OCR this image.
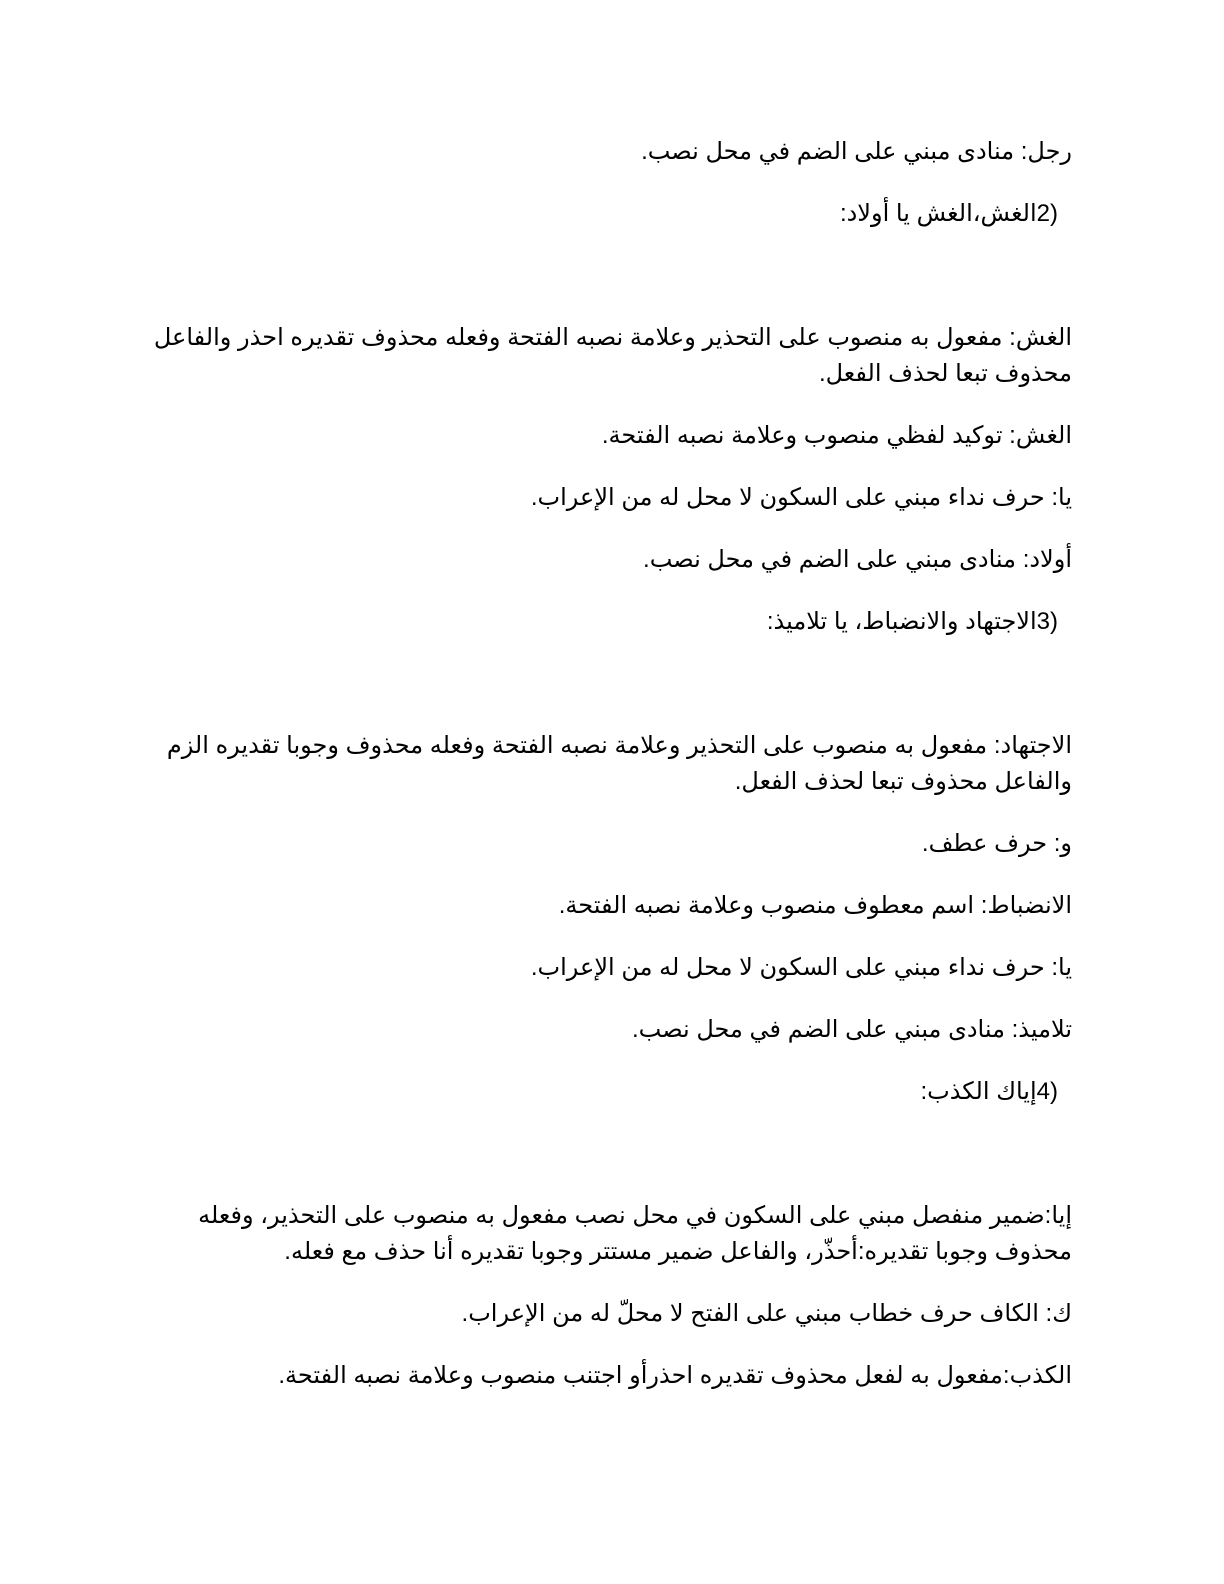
رجل: منادى مبني على الضم في محل نصب.

(2الغش،الغش يا أولاد:

الغش: مفعول به منصوب على التحذير وعلامة نصبه الفتحة وفعله محذوف تقديره احذر والفاعل محذوف تبعا لحذف الفعل.

الغش: توكيد لفظي منصوب وعلامة نصبه الفتحة.

يا: حرف نداء مبني على السكون لا محل له من الإعراب.

أولاد: منادى مبني على الضم في محل نصب.

(3الاجتهاد والانضباط، يا تلاميذ:

الاجتهاد: مفعول به منصوب على التحذير وعلامة نصبه الفتحة وفعله محذوف وجوبا تقديره الزم والفاعل محذوف تبعا لحذف الفعل.

و: حرف عطف.

الانضباط: اسم معطوف منصوب وعلامة نصبه الفتحة.

يا: حرف نداء مبني على السكون لا محل له من الإعراب.

تلاميذ: منادى مبني على الضم في محل نصب.

(4إياك الكذب:

إيا:ضمير منفصل مبني على السكون في محل نصب مفعول به منصوب على التحذير، وفعله محذوف وجوبا تقديره:أحذّر، والفاعل ضمير مستتر وجوبا تقديره أنا حذف مع فعله.

ك: الكاف حرف خطاب مبني على الفتح لا محلّ له من الإعراب.

الكذب:مفعول به لفعل محذوف تقديره احذرأو اجتنب منصوب وعلامة نصبه الفتحة.
